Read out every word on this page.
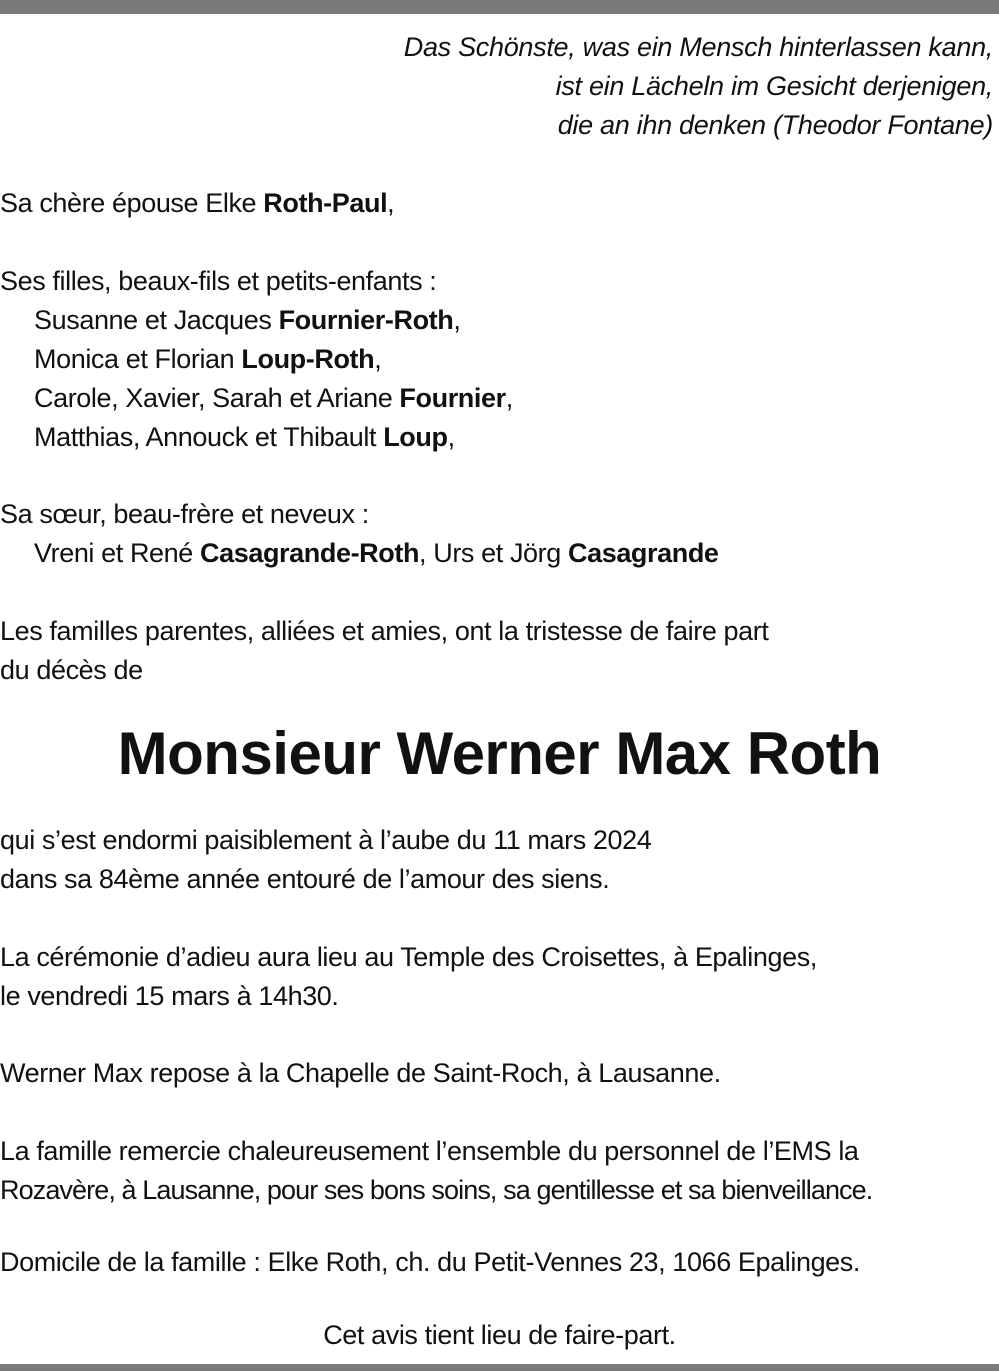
Das Schönste, was ein Mensch hinterlassen kann,
ist ein Lächeln im Gesicht derjenigen,
die an ihn denken (Theodor Fontane)
Sa chère épouse Elke Roth-Paul,
Ses filles, beaux-fils et petits-enfants :
Susanne et Jacques Fournier-Roth,
Monica et Florian Loup-Roth,
Carole, Xavier, Sarah et Ariane Fournier,
Matthias, Annouck et Thibault Loup,
Sa sœur, beau-frère et neveux :
Vreni et René Casagrande-Roth, Urs et Jörg Casagrande
Les familles parentes, alliées et amies, ont la tristesse de faire part
du décès de
Monsieur Werner Max Roth
qui s’est endormi paisiblement à l’aube du 11 mars 2024
dans sa 84ème année entouré de l’amour des siens.
La cérémonie d’adieu aura lieu au Temple des Croisettes, à Epalinges,
le vendredi 15 mars à 14h30.
Werner Max repose à la Chapelle de Saint-Roch, à Lausanne.
La famille remercie chaleureusement l’ensemble du personnel de l’EMS la
Rozavère, à Lausanne, pour ses bons soins, sa gentillesse et sa bienveillance.
Domicile de la famille : Elke Roth, ch. du Petit-Vennes 23, 1066 Epalinges.
Cet avis tient lieu de faire-part.
